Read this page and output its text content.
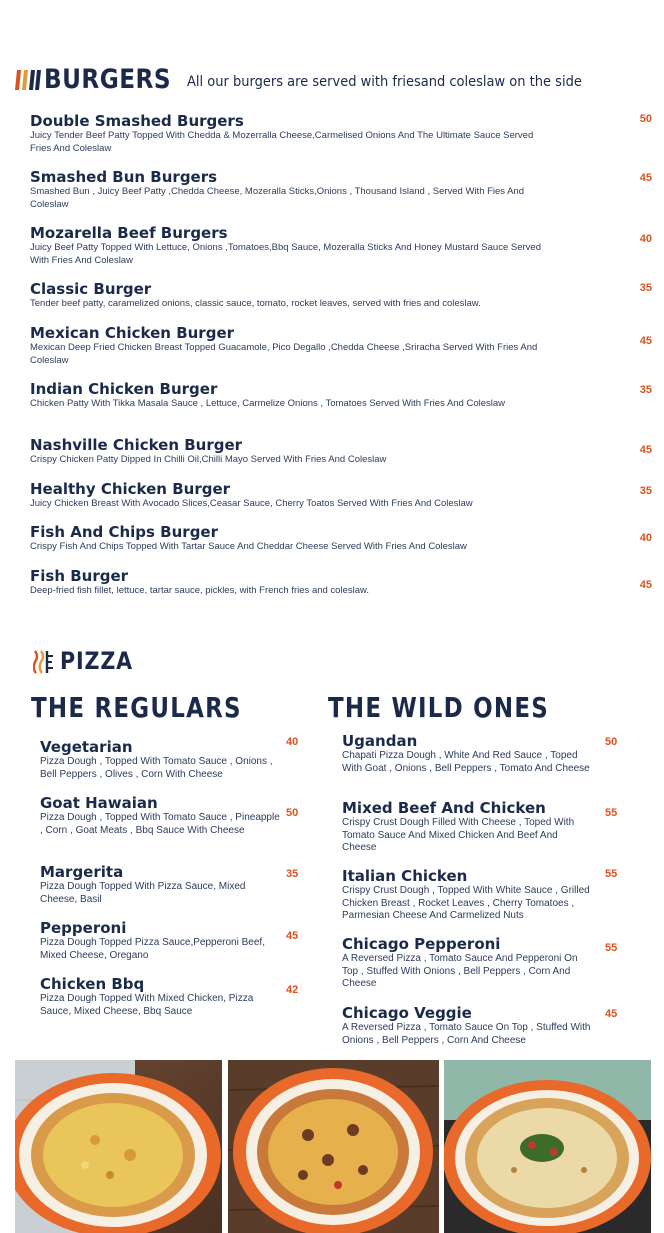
BURGERS All our burgers are served with friesand coleslaw on the side
Double Smashed Burgers
Juicy Tender Beef Patty Topped With Chedda & Mozerralla Cheese,Carmelised Onions And The Ultimate Sauce Served Fries And Coleslaw
50
Smashed Bun Burgers
Smashed Bun , Juicy Beef Patty ,Chedda Cheese, Mozeralla Sticks,Onions , Thousand Island , Served With Fies And Coleslaw
45
Mozarella Beef Burgers
Juicy Beef Patty Topped With Lettuce, Onions ,Tomatoes,Bbq Sauce, Mozeralla Sticks And Honey Mustard Sauce Served With Fries And Coleslaw
40
Classic Burger
Tender beef patty, caramelized onions, classic sauce, tomato, rocket leaves, served with fries and coleslaw.
35
Mexican Chicken Burger
Mexican Deep Fried Chicken Breast Topped Guacamole, Pico Degallo ,Chedda Cheese ,Sriracha Served With Fries And Coleslaw
45
Indian Chicken Burger
Chicken Patty With Tikka Masala Sauce , Lettuce, Carmelize Onions , Tomatoes Served With Fries And Coleslaw
35
Nashville Chicken Burger
Crispy Chicken Patty Dipped In Chilli Oil,Chilli Mayo Served With Fries And Coleslaw
45
Healthy Chicken Burger
Juicy Chicken Breast With Avocado Slices,Ceasar Sauce, Cherry Toatos Served With Fries And Coleslaw
35
Fish And Chips Burger
Crispy Fish And Chips Topped With Tartar Sauce And Cheddar Cheese Served With Fries And Coleslaw
40
Fish Burger
Deep-fried fish fillet, lettuce, tartar sauce, pickles, with French fries and coleslaw.	45
PIZZA
THE REGULARS	THE WILD ONES
Vegetarian
Pizza Dough , Topped With Tomato Sauce , Onions , Bell Peppers , Olives , Corn With Cheese
40
Goat Hawaian
Pizza Dough , Topped With Tomato Sauce , Pineapple , Corn , Goat Meats , Bbq Sauce With Cheese
50
Margerita
Pizza Dough Topped With Pizza Sauce, Mixed Cheese, Basil
35
Pepperoni
Pizza Dough Topped Pizza Sauce,Pepperoni Beef, Mixed Cheese, Oregano
45
Chicken Bbq
Pizza Dough Topped With Mixed Chicken, Pizza Sauce, Mixed Cheese, Bbq Sauce
42
Ugandan
Chapati Pizza Dough , White And Red Sauce , Toped With Goat , Onions , Bell Peppers , Tomato And Cheese
50
Mixed Beef And Chicken
Crispy Crust Dough Filled With Cheese , Toped With Tomato Sauce And Mixed Chicken And Beef And Cheese
55
Italian Chicken
Crispy Crust Dough , Topped With White Sauce , Grilled Chicken Breast , Rocket Leaves , Cherry Tomatoes , Parmesian Cheese And Carmelized Nuts
55
Chicago Pepperoni
A Reversed Pizza , Tomato Sauce And Pepperoni On Top , Stuffed With Onions , Bell Peppers , Corn And Cheese
55
Chicago Veggie
A Reversed Pizza , Tomato Sauce On Top , Stuffed With Onions , Bell Peppers , Corn And Cheese
45
